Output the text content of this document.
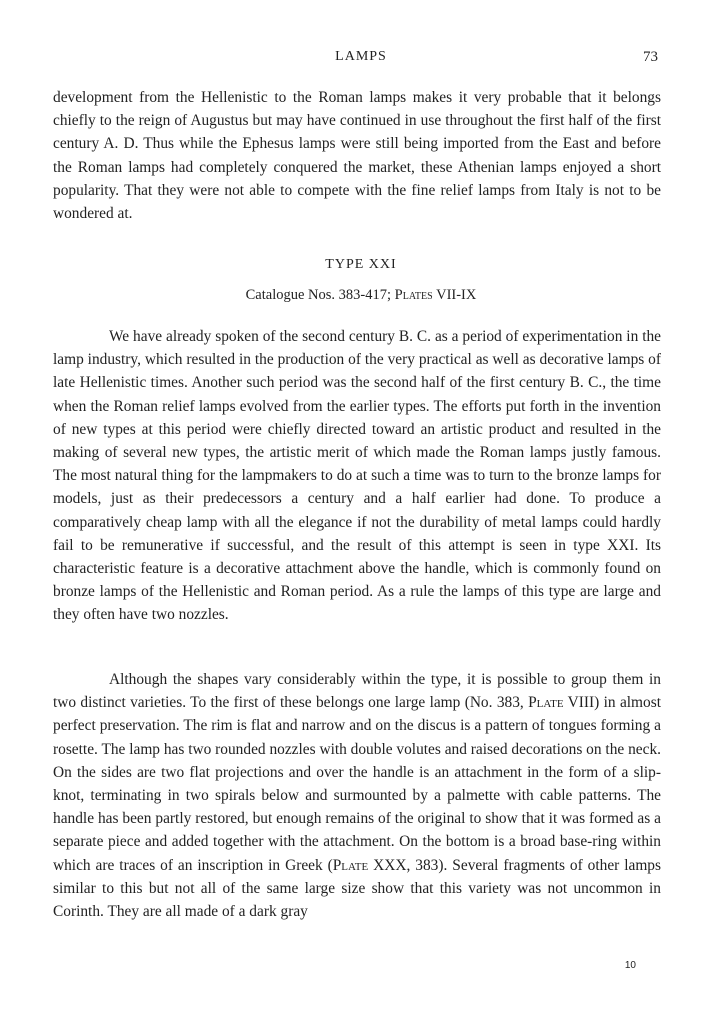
LAMPS	73

development from the Hellenistic to the Roman lamps makes it very probable that it belongs chiefly to the reign of Augustus but may have continued in use throughout the first half of the first century A. D. Thus while the Ephesus lamps were still being imported from the East and before the Roman lamps had completely conquered the market, these Athenian lamps enjoyed a short popularity. That they were not able to compete with the fine relief lamps from Italy is not to be wondered at.

TYPE XXI

Catalogue Nos. 383-417; Plates VII-IX

We have already spoken of the second century B. C. as a period of experimentation in the lamp industry, which resulted in the production of the very practical as well as decorative lamps of late Hellenistic times. Another such period was the second half of the first century B. C., the time when the Roman relief lamps evolved from the earlier types. The efforts put forth in the invention of new types at this period were chiefly directed toward an artistic product and resulted in the making of several new types, the artistic merit of which made the Roman lamps justly famous. The most natural thing for the lampmakers to do at such a time was to turn to the bronze lamps for models, just as their predecessors a century and a half earlier had done. To produce a comparatively cheap lamp with all the elegance if not the durability of metal lamps could hardly fail to be remunerative if successful, and the result of this attempt is seen in type XXI. Its characteristic feature is a decorative attachment above the handle, which is commonly found on bronze lamps of the Hellenistic and Roman period. As a rule the lamps of this type are large and they often have two nozzles.

Although the shapes vary considerably within the type, it is possible to group them in two distinct varieties. To the first of these belongs one large lamp (No. 383, Plate VIII) in almost perfect preservation. The rim is flat and narrow and on the discus is a pattern of tongues forming a rosette. The lamp has two rounded nozzles with double volutes and raised decorations on the neck. On the sides are two flat projections and over the handle is an attachment in the form of a slip-knot, terminating in two spirals below and surmounted by a palmette with cable patterns. The handle has been partly restored, but enough remains of the original to show that it was formed as a separate piece and added together with the attachment. On the bottom is a broad base-ring within which are traces of an inscription in Greek (Plate XXX, 383). Several fragments of other lamps similar to this but not all of the same large size show that this variety was not uncommon in Corinth. They are all made of a dark gray

10
